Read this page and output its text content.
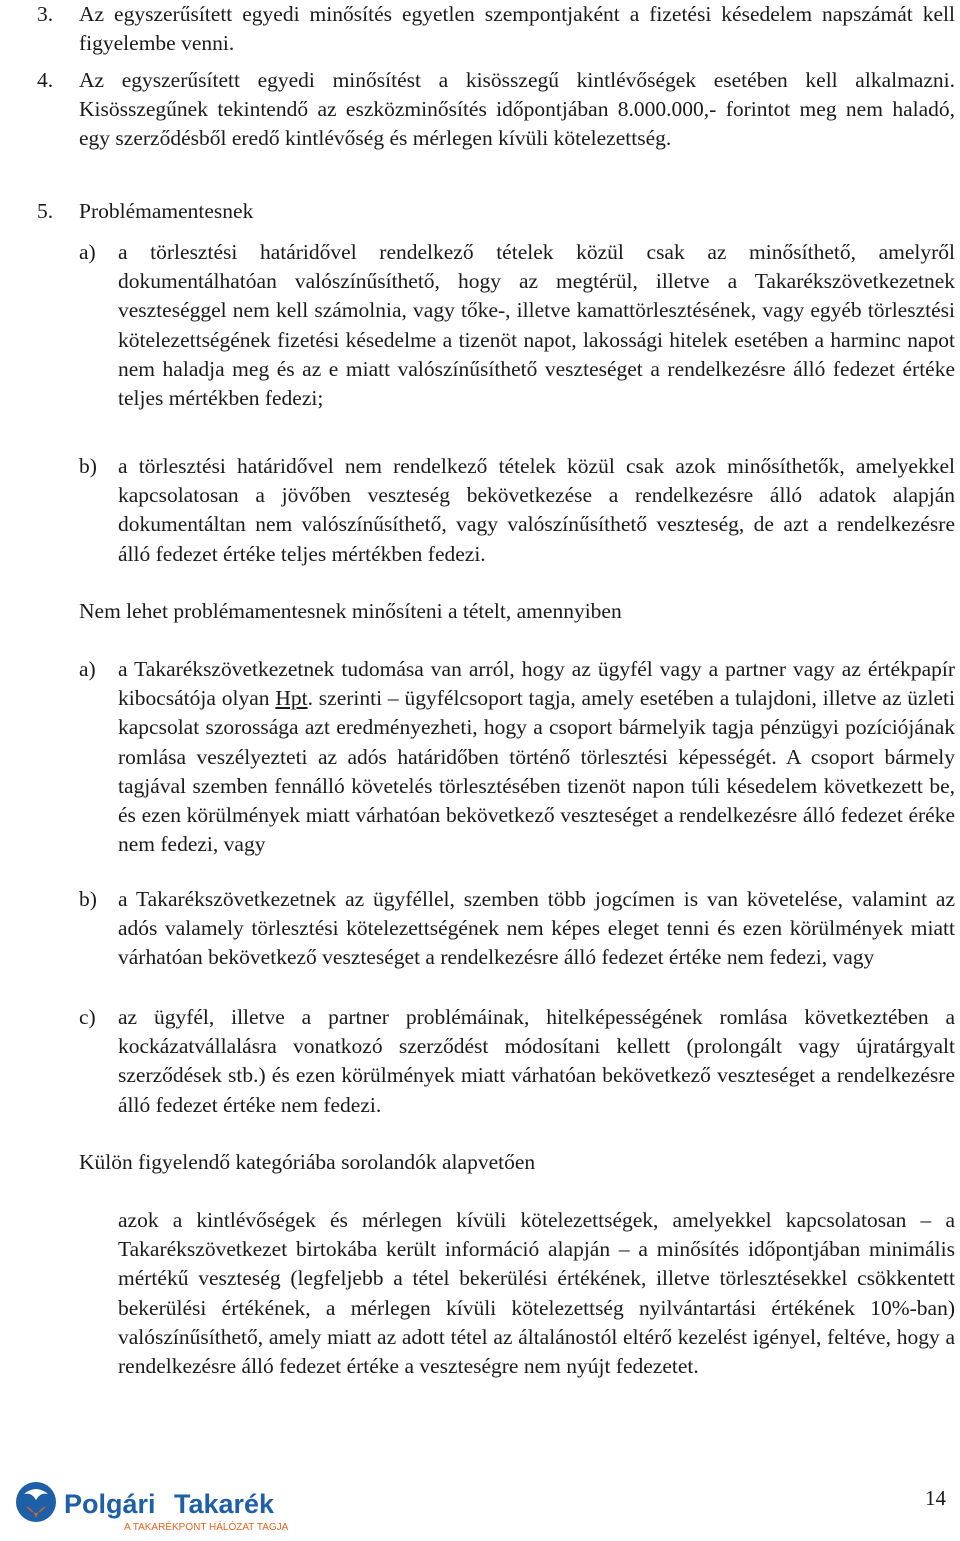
3. Az egyszerűsített egyedi minősítés egyetlen szempontjaként a fizetési késedelem napszámát kell figyelembe venni.

4. Az egyszerűsített egyedi minősítést a kisösszegű kintlévőségek esetében kell alkalmazni. Kisösszegűnek tekintendő az eszközminősítés időpontjában 8.000.000,- forintot meg nem haladó, egy szerződésből eredő kintlévőség és mérlegen kívüli kötelezettség.

5. Problémamentesnek

a) a törlesztési határidővel rendelkező tételek közül csak az minősíthető, amelyről dokumentálhatóan valószínűsíthető, hogy az megtérül, illetve a Takarékszövetkezetnek veszteséggel nem kell számolnia, vagy tőke-, illetve kamattörlesztésének, vagy egyéb törlesztési kötelezettségének fizetési késedelme a tizenöt napot, lakossági hitelek esetében a harminc napot nem haladja meg és az e miatt valószínűsíthető veszteséget a rendelkezésre álló fedezet értéke teljes mértékben fedezi;

b) a törlesztési határidővel nem rendelkező tételek közül csak azok minősíthetők, amelyekkel kapcsolatosan a jövőben veszteség bekövetkezése a rendelkezésre álló adatok alapján dokumentáltan nem valószínűsíthető, vagy valószínűsíthető veszteség, de azt a rendelkezésre álló fedezet értéke teljes mértékben fedezi.

Nem lehet problémamentesnek minősíteni a tételt, amennyiben

a) a Takarékszövetkezetnek tudomása van arról, hogy az ügyfél vagy a partner vagy az értékpapír kibocsátója olyan Hpt. szerinti – ügyfélcsoport tagja, amely esetében a tulajdoni, illetve az üzleti kapcsolat szorossága azt eredményezheti, hogy a csoport bármelyik tagja pénzügyi pozíciójának romlása veszélyezteti az adós határidőben történő törlesztési képességét. A csoport bármely tagjával szemben fennálló követelés törlesztésében tizenöt napon túli késedelem következett be, és ezen körülmények miatt várhatóan bekövetkező veszteséget a rendelkezésre álló fedezet éréke nem fedezi, vagy

b) a Takarékszövetkezetnek az ügyféllel, szemben több jogcímen is van követelése, valamint az adós valamely törlesztési kötelezettségének nem képes eleget tenni és ezen körülmények miatt várhatóan bekövetkező veszteséget a rendelkezésre álló fedezet értéke nem fedezi, vagy

c) az ügyfél, illetve a partner problémáinak, hitelképességének romlása következtében a kockázatvállalásra vonatkozó szerződést módosítani kellett (prolongált vagy újratárgyalt szerződések stb.) és ezen körülmények miatt várhatóan bekövetkező veszteséget a rendelkezésre álló fedezet értéke nem fedezi.

Külön figyelendő kategóriába sorolandók alapvetően

azok a kintlévőségek és mérlegen kívüli kötelezettségek, amelyekkel kapcsolatosan – a Takarékszövetkezet birtokába került információ alapján – a minősítés időpontjában minimális mértékű veszteség (legfeljebb a tétel bekerülési értékének, illetve törlesztésekkel csökkentett bekerülési értékének, a mérlegen kívüli kötelezettség nyilvántartási értékének 10%-ban) valószínűsíthető, amely miatt az adott tétel az általánostól eltérő kezelést igényel, feltéve, hogy a rendelkezésre álló fedezet értéke a veszteségre nem nyújt fedezetet.

Polgári Takarék
A TAKARÉKPONT HÁLÓZAT TAGJA
14
